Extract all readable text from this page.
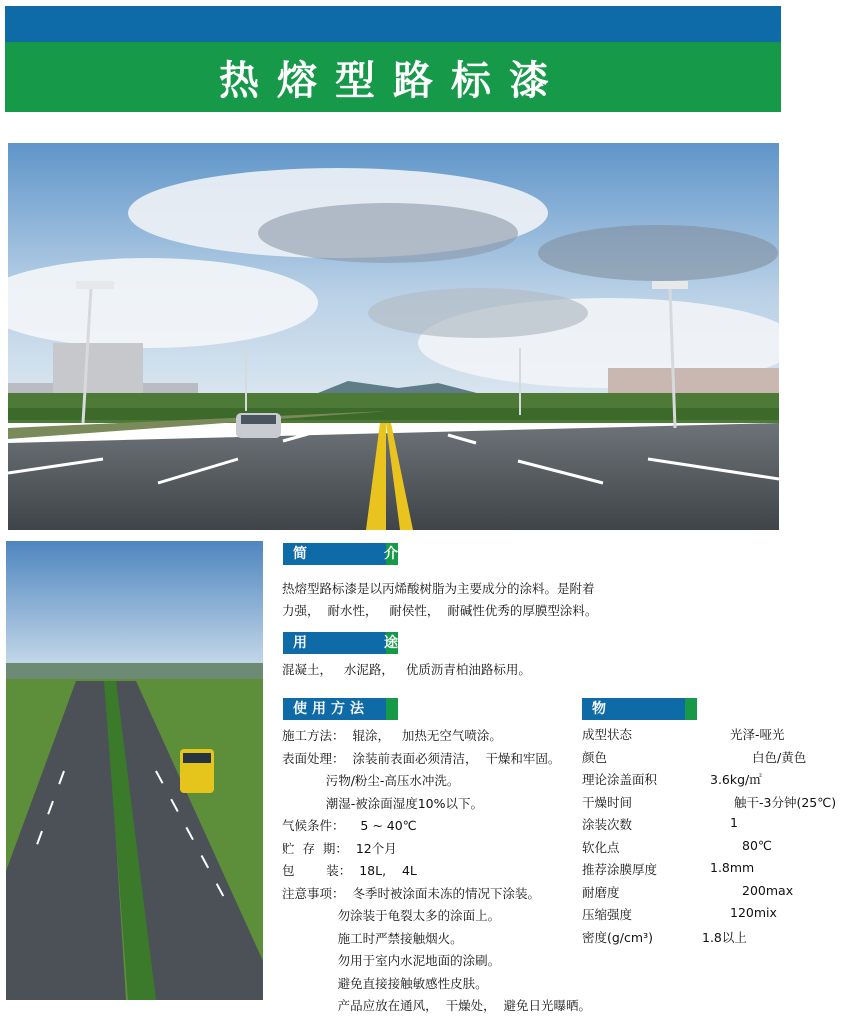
热熔型路标漆
简	介
热熔型路标漆是以丙烯酸树脂为主要成分的涂料。是附着
力强，  耐水性，   耐侯性，  耐碱性优秀的厚膜型涂料。
用	途
混凝土，   水泥路，   优质沥青柏油路标用。
使用方法
施工方法：  辊涂，   加热无空气喷涂。
表面处理：  涂装前表面必须清洁，  干燥和牢固。
污物/粉尘-高压水冲洗。
潮湿-被涂面湿度10%以下。
气候条件：    5 ~ 40℃
贮  存  期：  12个月
包        装：  18L,    4L
注意事项：  冬季时被涂面未冻的情况下涂装。
勿涂装于龟裂太多的涂面上。
施工时严禁接触烟火。
勿用于室内水泥地面的涂刷。
避免直接接触敏感性皮肤。
产品应放在通风，  干燥处，  避免日光曝晒。
物
成型状态	光泽-哑光
颜色	白色/黄色
理论涂盖面积	3.6kg/㎡
干燥时间	触干-3分钟(25℃)
涂装次数	1
软化点	80℃
推荐涂膜厚度	1.8mm
耐磨度	200max
压缩强度	120mix
密度(g/cm³)	1.8以上
